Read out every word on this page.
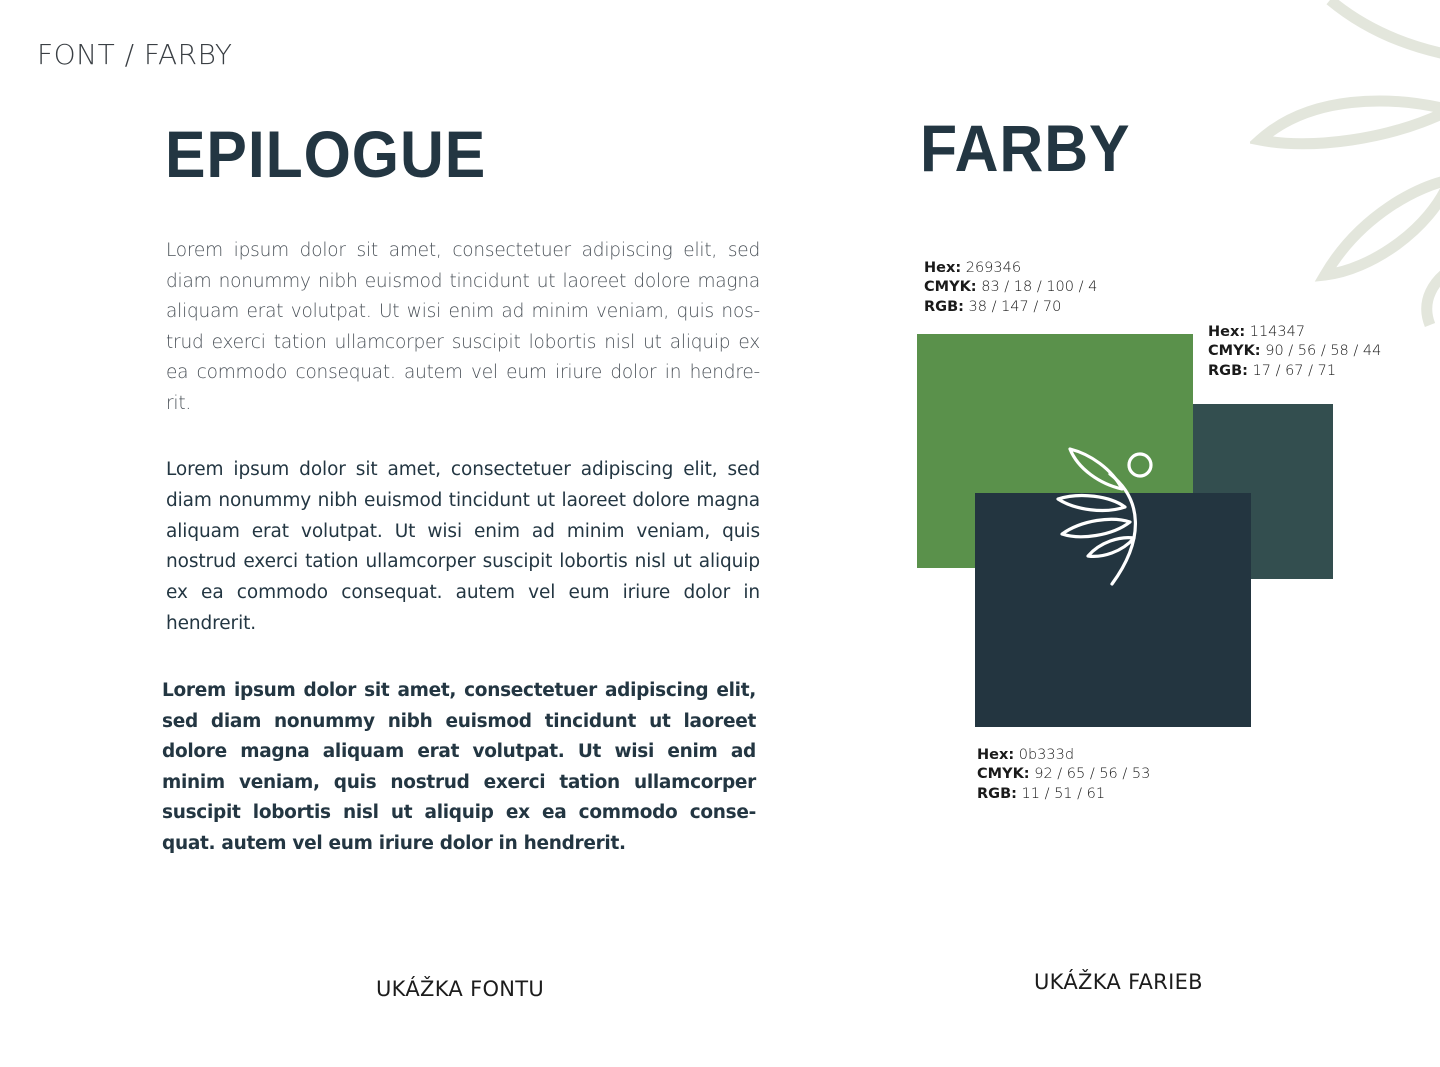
FONT / FARBY
EPILOGUE	FARBY
Lorem ipsum dolor sit amet, consectetuer adipiscing elit, sed diam nonummy nibh euismod tincidunt ut laoreet dolore magna aliquam erat volutpat. Ut wisi enim ad minim veniam, quis nos-trud exerci tation ullamcorper suscipit lobortis nisl ut aliquip ex ea commodo consequat. autem vel eum iriure dolor in hendre-rit.
Lorem ipsum dolor sit amet, consectetuer adipiscing elit, sed diam nonummy nibh euismod tincidunt ut laoreet dolore magna aliquam erat volutpat. Ut wisi enim ad minim veniam, quis nostrud exerci tation ullamcorper suscipit lobortis nisl ut aliquip ex ea commodo consequat. autem vel eum iriure dolor in hendrerit.
Lorem ipsum dolor sit amet, consectetuer adipiscing elit, sed diam nonummy nibh euismod tincidunt ut laoreet dolore magna aliquam erat volutpat. Ut wisi enim ad minim veniam, quis nostrud exerci tation ullamcorper suscipit lobortis nisl ut aliquip ex ea commodo conse-quat. autem vel eum iriure dolor in hendrerit.
UKÁŽKA FONTU	UKÁŽKA FARIEB
Hex: 269346
CMYK: 83 / 18 / 100 / 4
RGB: 38 / 147 / 70
Hex: 114347
CMYK: 90 / 56 / 58 / 44
RGB: 17 / 67 / 71
Hex: 0b333d
CMYK: 92 / 65 / 56 / 53
RGB: 11 / 51 / 61
